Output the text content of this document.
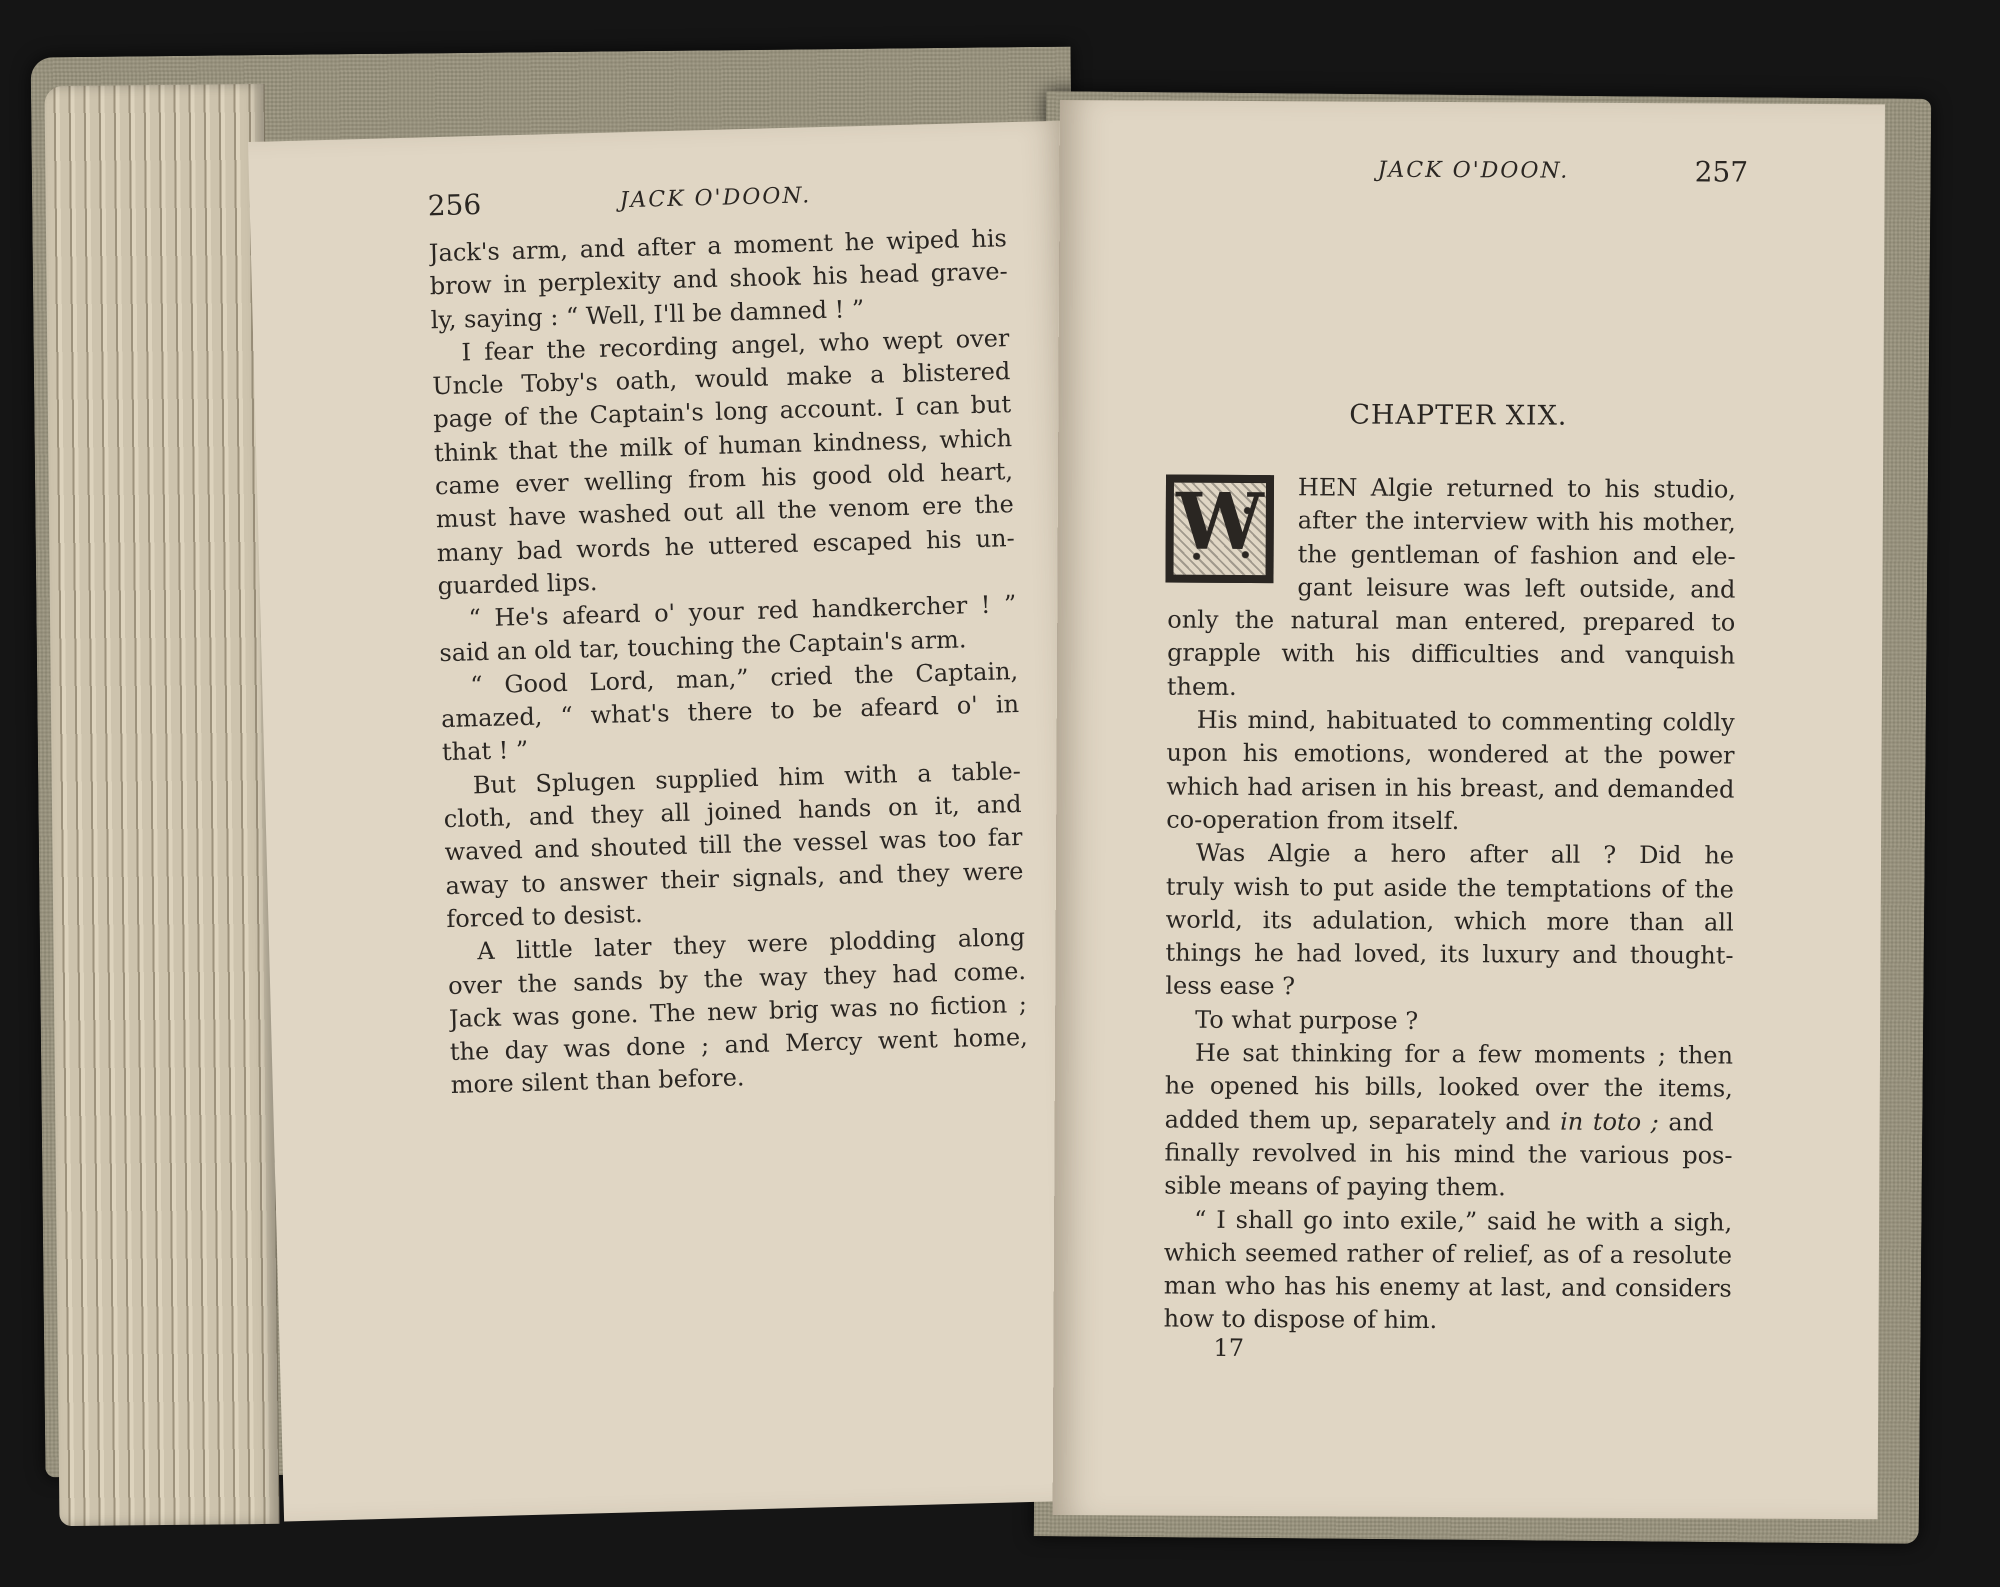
256	JACK O'DOON.
Jack's arm, and after a moment he wiped his
brow in perplexity and shook his head grave-
ly, saying : “ Well, I'll be damned ! ”
I fear the recording angel, who wept over
Uncle Toby's oath, would make a blistered
page of the Captain's long account. I can but
think that the milk of human kindness, which
came ever welling from his good old heart,
must have washed out all the venom ere the
many bad words he uttered escaped his un-
guarded lips.
“ He's afeard o' your red handkercher ! ”
said an old tar, touching the Captain's arm.
“ Good Lord, man,” cried the Captain,
amazed, “ what's there to be afeard o' in
that ! ”
But Splugen supplied him with a table-
cloth, and they all joined hands on it, and
waved and shouted till the vessel was too far
away to answer their signals, and they were
forced to desist.
A little later they were plodding along
over the sands by the way they had come.
Jack was gone. The new brig was no fiction ;
the day was done ; and Mercy went home,
more silent than before.
JACK O'DOON.	257
CHAPTER XIX.
W	HEN Algie returned to his studio,
after the interview with his mother,
the gentleman of fashion and ele-
gant leisure was left outside, and
only the natural man entered, prepared to
grapple with his difficulties and vanquish
them.
His mind, habituated to commenting coldly
upon his emotions, wondered at the power
which had arisen in his breast, and demanded
co-operation from itself.
Was Algie a hero after all ? Did he
truly wish to put aside the temptations of the
world, its adulation, which more than all
things he had loved, its luxury and thought-
less ease ?
To what purpose ?
He sat thinking for a few moments ; then
he opened his bills, looked over the items,
added them up, separately and in toto ; and
finally revolved in his mind the various pos-
sible means of paying them.
“ I shall go into exile,” said he with a sigh,
which seemed rather of relief, as of a resolute
man who has his enemy at last, and considers
how to dispose of him.
17
